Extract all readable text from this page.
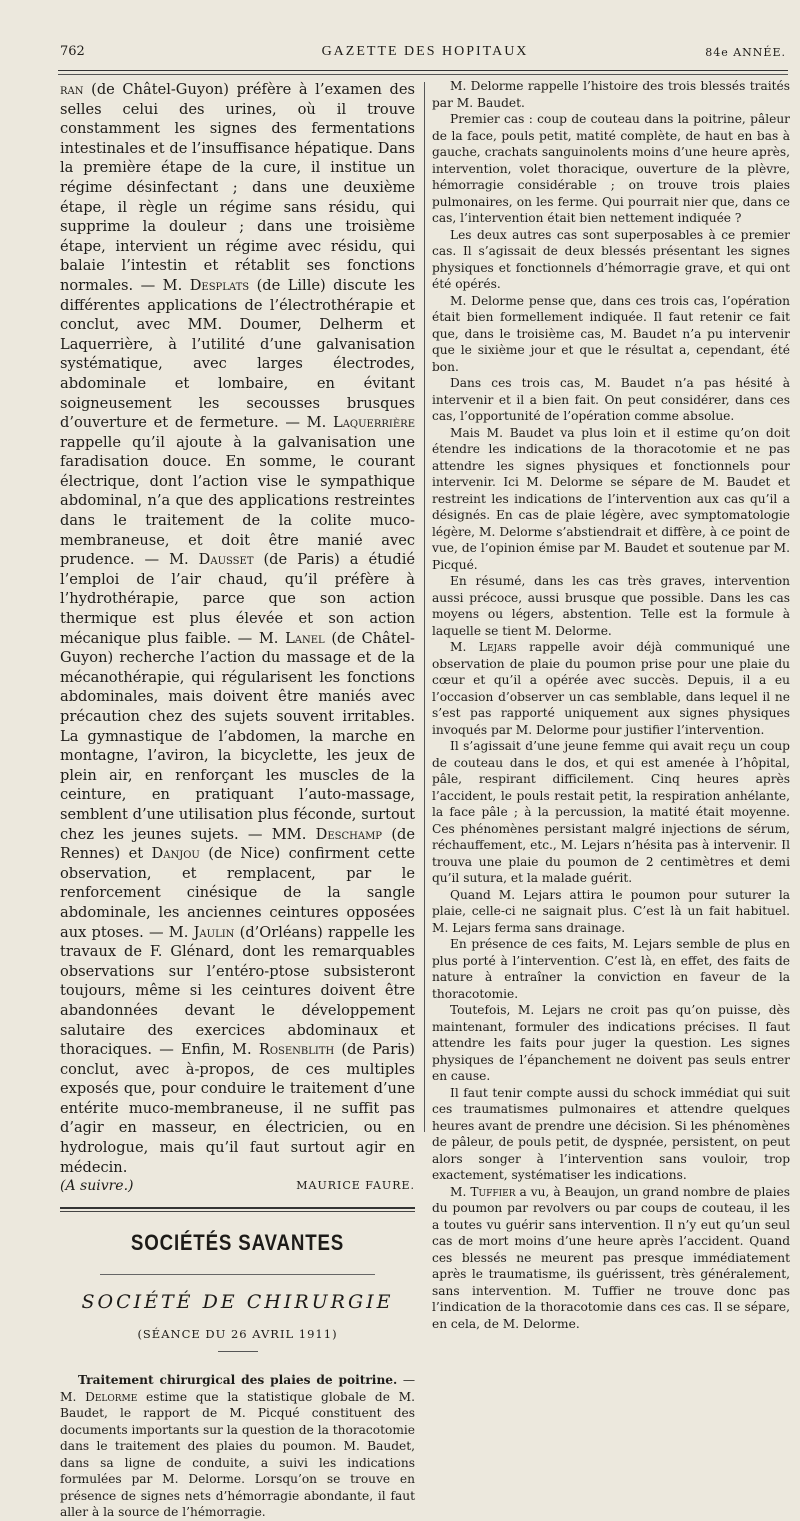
762	GAZETTE DES HOPITAUX	84e ANNÉE.

ran (de Châtel-Guyon) préfère à l’examen des selles celui des urines, où il trouve constamment les signes des fermentations intestinales et de l’insuffisance hépatique. Dans la première étape de la cure, il institue un régime désinfectant ; dans une deuxième étape, il règle un régime sans résidu, qui supprime la douleur ; dans une troisième étape, intervient un régime avec résidu, qui balaie l’intestin et rétablit ses fonctions normales. — M. Desplats (de Lille) discute les différentes applications de l’électrothérapie et conclut, avec MM. Doumer, Delherm et Laquerrière, à l’utilité d’une galvanisation systématique, avec larges électrodes, abdominale et lombaire, en évitant soigneusement les secousses brusques d’ouverture et de fermeture. — M. Laquerrière rappelle qu’il ajoute à la galvanisation une faradisation douce. En somme, le courant électrique, dont l’action vise le sympathique abdominal, n’a que des applications restreintes dans le traitement de la colite muco-membraneuse, et doit être manié avec prudence. — M. Dausset (de Paris) a étudié l’emploi de l’air chaud, qu’il préfère à l’hydrothérapie, parce que son action thermique est plus élevée et son action mécanique plus faible. — M. Lanel (de Châtel-Guyon) recherche l’action du massage et de la mécanothérapie, qui régularisent les fonctions abdominales, mais doivent être maniés avec précaution chez des sujets souvent irritables. La gymnastique de l’abdomen, la marche en montagne, l’aviron, la bicyclette, les jeux de plein air, en renforçant les muscles de la ceinture, en pratiquant l’auto-massage, semblent d’une utilisation plus féconde, surtout chez les jeunes sujets. — MM. Deschamp (de Rennes) et Danjou (de Nice) confirment cette observation, et remplacent, par le renforcement cinésique de la sangle abdominale, les anciennes ceintures opposées aux ptoses. — M. Jaulin (d’Orléans) rappelle les travaux de F. Glénard, dont les remarquables observations sur l’entéro-ptose subsisteront toujours, même si les ceintures doivent être abandonnées devant le développement salutaire des exercices abdominaux et thoraciques. — Enfin, M. Rosenblith (de Paris) conclut, avec à-propos, de ces multiples exposés que, pour conduire le traitement d’une entérite muco-membraneuse, il ne suffit pas d’agir en masseur, en électricien, ou en hydrologue, mais qu’il faut surtout agir en médecin.

(A suivre.)	MAURICE FAURE.
SOCIÉTÉS SAVANTES
SOCIÉTÉ DE CHIRURGIE
(SÉANCE DU 26 AVRIL 1911)

Traitement chirurgical des plaies de poitrine. — M. Delorme estime que la statistique globale de M. Baudet, le rapport de M. Picqué constituent des documents importants sur la question de la thoracotomie dans le traitement des plaies du poumon. M. Baudet, dans sa ligne de conduite, a suivi les indications formulées par M. Delorme. Lorsqu’on se trouve en présence de signes nets d’hémorragie abondante, il faut aller à la source de l’hémorragie.

M. Delorme rappelle l’histoire des trois blessés traités par M. Baudet.

Premier cas : coup de couteau dans la poitrine, pâleur de la face, pouls petit, matité complète, de haut en bas à gauche, crachats sanguinolents moins d’une heure après, intervention, volet thoracique, ouverture de la plèvre, hémorragie considérable ; on trouve trois plaies pulmonaires, on les ferme. Qui pourrait nier que, dans ce cas, l’intervention était bien nettement indiquée ?

Les deux autres cas sont superposables à ce premier cas. Il s’agissait de deux blessés présentant les signes physiques et fonctionnels d’hémorragie grave, et qui ont été opérés.

M. Delorme pense que, dans ces trois cas, l’opération était bien formellement indiquée. Il faut retenir ce fait que, dans le troisième cas, M. Baudet n’a pu intervenir que le sixième jour et que le résultat a, cependant, été bon.

Dans ces trois cas, M. Baudet n’a pas hésité à intervenir et il a bien fait. On peut considérer, dans ces cas, l’opportunité de l’opération comme absolue.

Mais M. Baudet va plus loin et il estime qu’on doit étendre les indications de la thoracotomie et ne pas attendre les signes physiques et fonctionnels pour intervenir. Ici M. Delorme se sépare de M. Baudet et restreint les indications de l’intervention aux cas qu’il a désignés. En cas de plaie légère, avec symptomatologie légère, M. Delorme s’abstiendrait et diffère, à ce point de vue, de l’opinion émise par M. Baudet et soutenue par M. Picqué.

En résumé, dans les cas très graves, intervention aussi précoce, aussi brusque que possible. Dans les cas moyens ou légers, abstention. Telle est la formule à laquelle se tient M. Delorme.

M. Lejars rappelle avoir déjà communiqué une observation de plaie du poumon prise pour une plaie du cœur et qu’il a opérée avec succès. Depuis, il a eu l’occasion d’observer un cas semblable, dans lequel il ne s’est pas rapporté uniquement aux signes physiques invoqués par M. Delorme pour justifier l’intervention.

Il s’agissait d’une jeune femme qui avait reçu un coup de couteau dans le dos, et qui est amenée à l’hôpital, pâle, respirant difficilement. Cinq heures après l’accident, le pouls restait petit, la respiration anhélante, la face pâle ; à la percussion, la matité était moyenne. Ces phénomènes persistant malgré injections de sérum, réchauffement, etc., M. Lejars n’hésita pas à intervenir. Il trouva une plaie du poumon de 2 centimètres et demi qu’il sutura, et la malade guérit.

Quand M. Lejars attira le poumon pour suturer la plaie, celle-ci ne saignait plus. C’est là un fait habituel. M. Lejars ferma sans drainage.

En présence de ces faits, M. Lejars semble de plus en plus porté à l’intervention. C’est là, en effet, des faits de nature à entraîner la conviction en faveur de la thoracotomie.

Toutefois, M. Lejars ne croit pas qu’on puisse, dès maintenant, formuler des indications précises. Il faut attendre les faits pour juger la question. Les signes physiques de l’épanchement ne doivent pas seuls entrer en cause.

Il faut tenir compte aussi du schock immédiat qui suit ces traumatismes pulmonaires et attendre quelques heures avant de prendre une décision. Si les phénomènes de pâleur, de pouls petit, de dyspnée, persistent, on peut alors songer à l’intervention sans vouloir, trop exactement, systématiser les indications.

M. Tuffier a vu, à Beaujon, un grand nombre de plaies du poumon par revolvers ou par coups de couteau, il les a toutes vu guérir sans intervention. Il n’y eut qu’un seul cas de mort moins d’une heure après l’accident. Quand ces blessés ne meurent pas presque immédiatement après le traumatisme, ils guérissent, très généralement, sans intervention. M. Tuffier ne trouve donc pas l’indication de la thoracotomie dans ces cas. Il se sépare, en cela, de M. Delorme.
